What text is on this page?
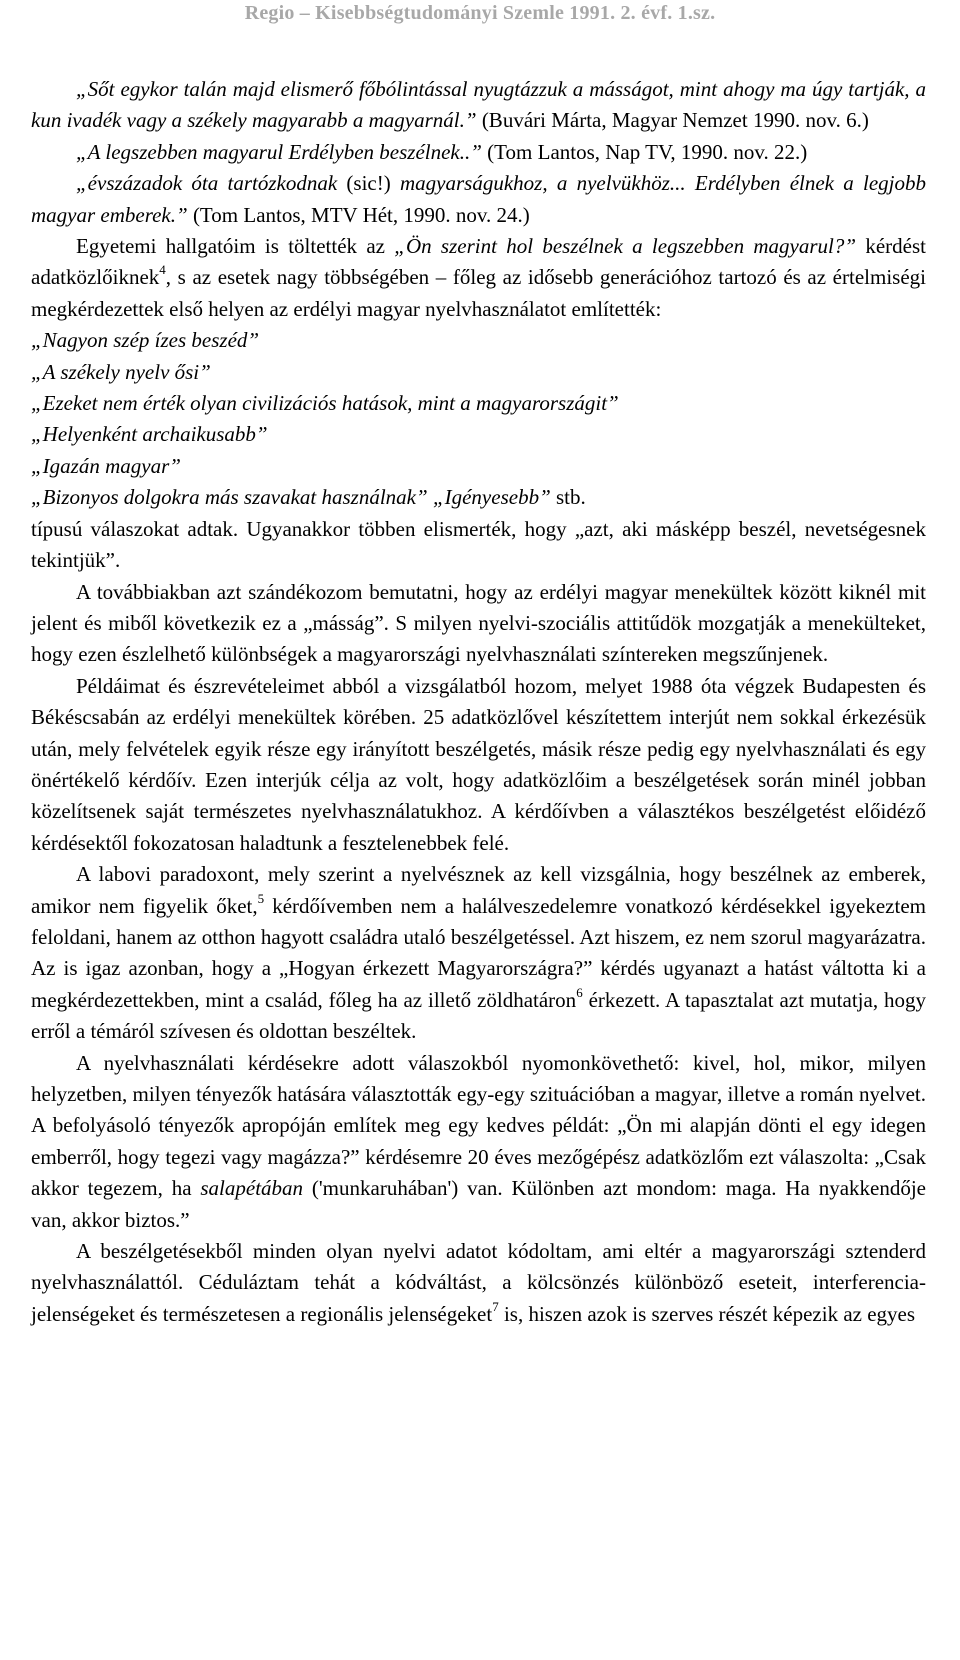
Regio – Kisebbségtudományi Szemle 1991. 2. évf. 1.sz.

„Sőt egykor talán majd elismerő főbólintással nyugtázzuk a másságot, mint ahogy ma úgy tartják, a kun ivadék vagy a székely magyarabb a magyarnál.” (Buvári Márta, Magyar Nemzet 1990. nov. 6.)

„A legszebben magyarul Erdélyben beszélnek..” (Tom Lantos, Nap TV, 1990. nov. 22.)

„évszázadok óta tartózkodnak (sic!) magyarságukhoz, a nyelvükhöz... Erdélyben élnek a legjobb magyar emberek.” (Tom Lantos, MTV Hét, 1990. nov. 24.)

Egyetemi hallgatóim is töltették az „Ön szerint hol beszélnek a legszebben magyarul?” kérdést adatközlőiknek$^4$, s az esetek nagy többségében – főleg az idősebb generációhoz tartozó és az értelmiségi megkérdezettek első helyen az erdélyi magyar nyelvhasználatot említették:

„Nagyon szép ízes beszéd”

„A székely nyelv ősi”

„Ezeket nem érték olyan civilizációs hatások, mint a magyarországit”

„Helyenként archaikusabb”

„Igazán magyar”

„Bizonyos dolgokra más szavakat használnak” „Igényesebb” stb.

típusú válaszokat adtak. Ugyanakkor többen elismerték, hogy „azt, aki másképp beszél, nevetségesnek tekintjük”.

A továbbiakban azt szándékozom bemutatni, hogy az erdélyi magyar menekültek között kiknél mit jelent és miből következik ez a „másság”. S milyen nyelvi-szociális attitűdök mozgatják a menekülteket, hogy ezen észlelhető különbségek a magyarországi nyelvhasználati színtereken megszűnjenek.

Példáimat és észrevételeimet abból a vizsgálatból hozom, melyet 1988 óta végzek Budapesten és Békéscsabán az erdélyi menekültek körében. 25 adatközlővel készítettem interjút nem sokkal érkezésük után, mely felvételek egyik része egy irányított beszélgetés, másik része pedig egy nyelvhasználati és egy önértékelő kérdőív. Ezen interjúk célja az volt, hogy adatközlőim a beszélgetések során minél jobban közelítsenek saját természetes nyelvhasználatukhoz. A kérdőívben a választékos beszélgetést előidéző kérdésektől fokozatosan haladtunk a fesztelenebbek felé.

A labovi paradoxont, mely szerint a nyelvésznek az kell vizsgálnia, hogy beszélnek az emberek, amikor nem figyelik őket,$^5$ kérdőívemben nem a halálveszedelemre vonatkozó kérdésekkel igyekeztem feloldani, hanem az otthon hagyott családra utaló beszélgetéssel. Azt hiszem, ez nem szorul magyarázatra. Az is igaz azonban, hogy a „Hogyan érkezett Magyarországra?” kérdés ugyanazt a hatást váltotta ki a megkérdezettekben, mint a család, főleg ha az illető zöldhatáron$^6$ érkezett. A tapasztalat azt mutatja, hogy erről a témáról szívesen és oldottan beszéltek.

A nyelvhasználati kérdésekre adott válaszokból nyomonkövethető: kivel, hol, mikor, milyen helyzetben, milyen tényezők hatására választották egy-egy szituációban a magyar, illetve a román nyelvet. A befolyásoló tényezők apropóján említek meg egy kedves példát: „Ön mi alapján dönti el egy idegen emberről, hogy tegezi vagy magázza?” kérdésemre 20 éves mezőgépész adatközlőm ezt válaszolta: „Csak akkor tegezem, ha salapétában ('munkaruhában') van. Különben azt mondom: maga. Ha nyakkendője van, akkor biztos.”

A beszélgetésekből minden olyan nyelvi adatot kódoltam, ami eltér a magyarországi sztenderd nyelvhasználattól. Céduláztam tehát a kódváltást, a kölcsönzés különböző eseteit, interferencia-jelenségeket és természetesen a regionális jelenségeket$^7$ is, hiszen azok is szerves részét képezik az egyes
